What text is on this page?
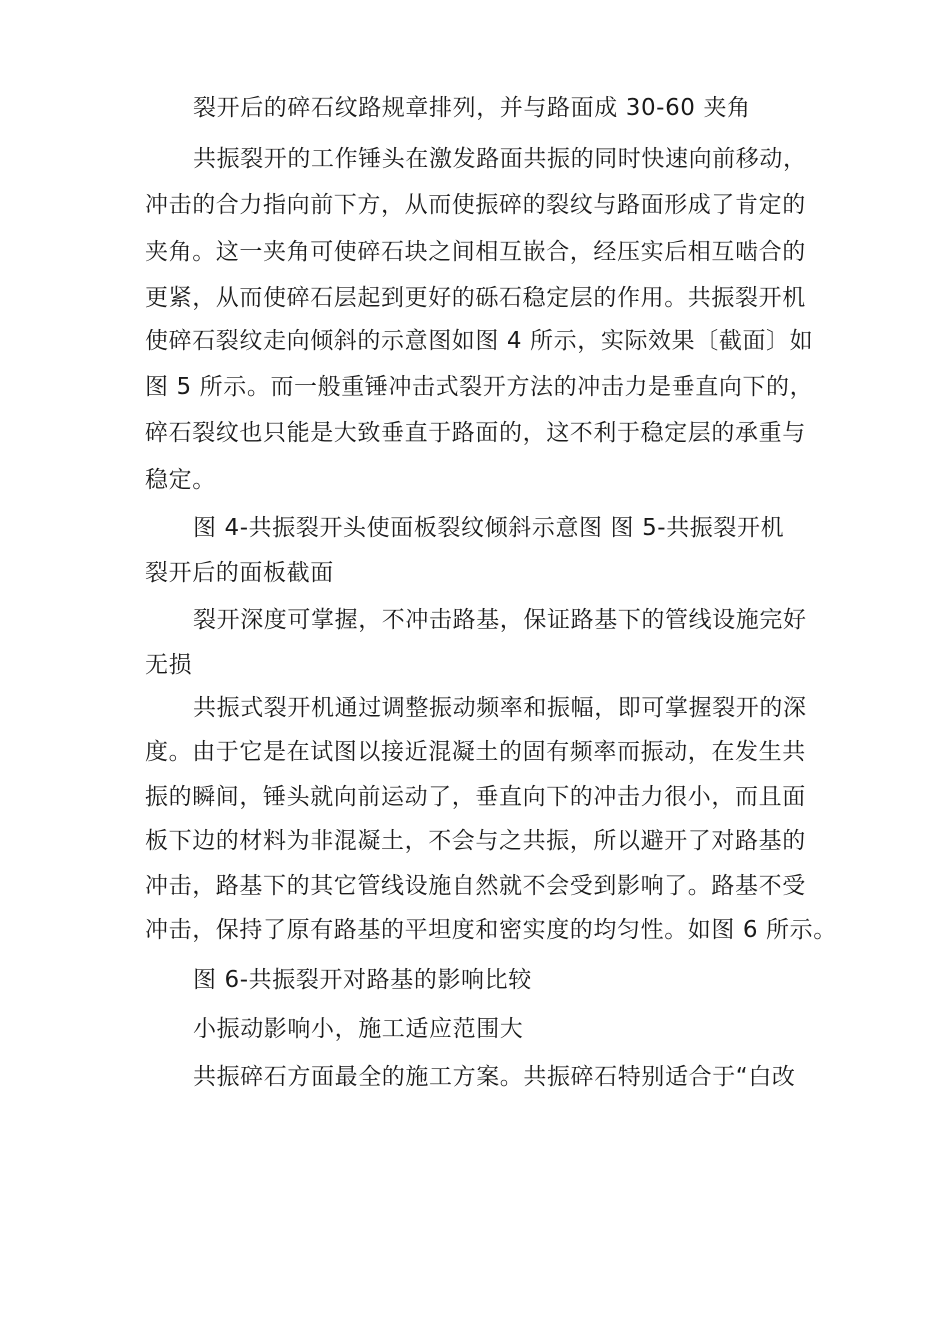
裂开后的碎石纹路规章排列，并与路面成 30-60 夹角
共振裂开的工作锤头在激发路面共振的同时快速向前移动，
冲击的合力指向前下方，从而使振碎的裂纹与路面形成了肯定的
夹角。这一夹角可使碎石块之间相互嵌合，经压实后相互啮合的
更紧，从而使碎石层起到更好的砾石稳定层的作用。共振裂开机
使碎石裂纹走向倾斜的示意图如图 4 所示，实际效果〔截面〕如
图 5 所示。而一般重锤冲击式裂开方法的冲击力是垂直向下的，
碎石裂纹也只能是大致垂直于路面的，这不利于稳定层的承重与
稳定。
图 4-共振裂开头使面板裂纹倾斜示意图 图 5-共振裂开机
裂开后的面板截面
裂开深度可掌握，不冲击路基，保证路基下的管线设施完好
无损
共振式裂开机通过调整振动频率和振幅，即可掌握裂开的深
度。由于它是在试图以接近混凝土的固有频率而振动，在发生共
振的瞬间，锤头就向前运动了，垂直向下的冲击力很小，而且面
板下边的材料为非混凝土，不会与之共振，所以避开了对路基的
冲击，路基下的其它管线设施自然就不会受到影响了。路基不受
冲击，保持了原有路基的平坦度和密实度的均匀性。如图 6 所示。
图 6-共振裂开对路基的影响比较
小振动影响小，施工适应范围大
共振碎石方面最全的施工方案。共振碎石特别适合于“白改
